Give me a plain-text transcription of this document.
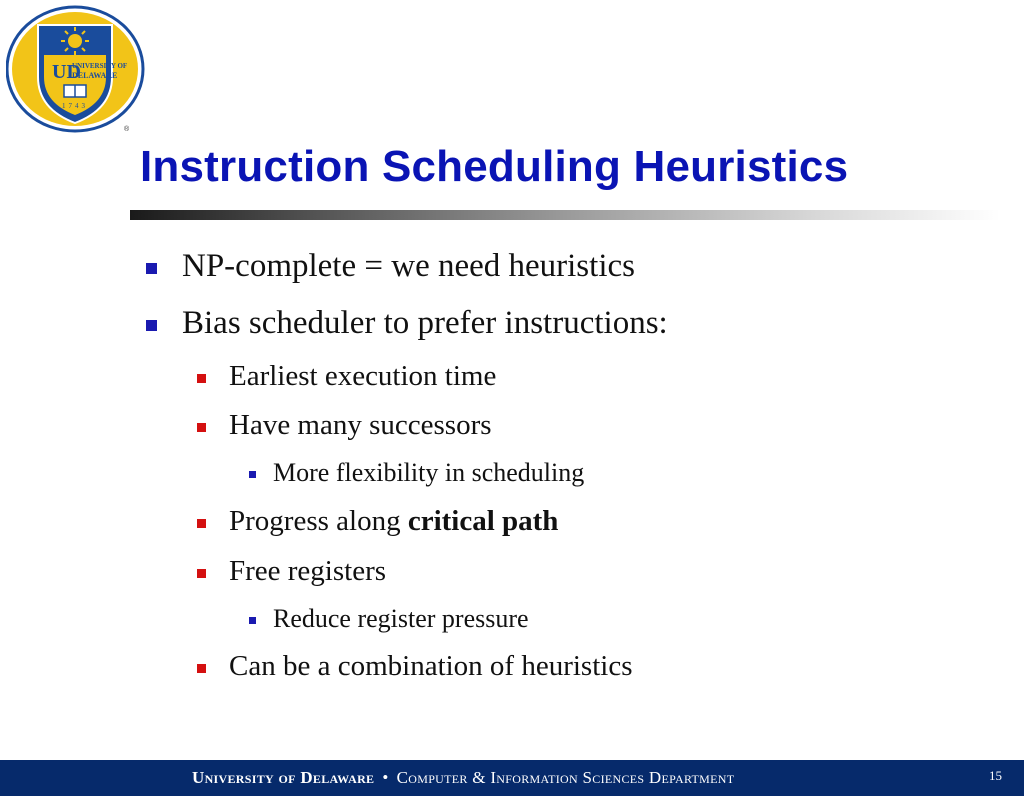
UD
UNIVERSITY OF
DELAWARE
1743
®
Instruction Scheduling Heuristics
NP-complete = we need heuristics
Bias scheduler to prefer instructions:
Earliest execution time
Have many successors
More flexibility in scheduling
Progress along critical path
Free registers
Reduce register pressure
Can be a combination of heuristics
University of Delaware • Computer & Information Sciences Department	15
